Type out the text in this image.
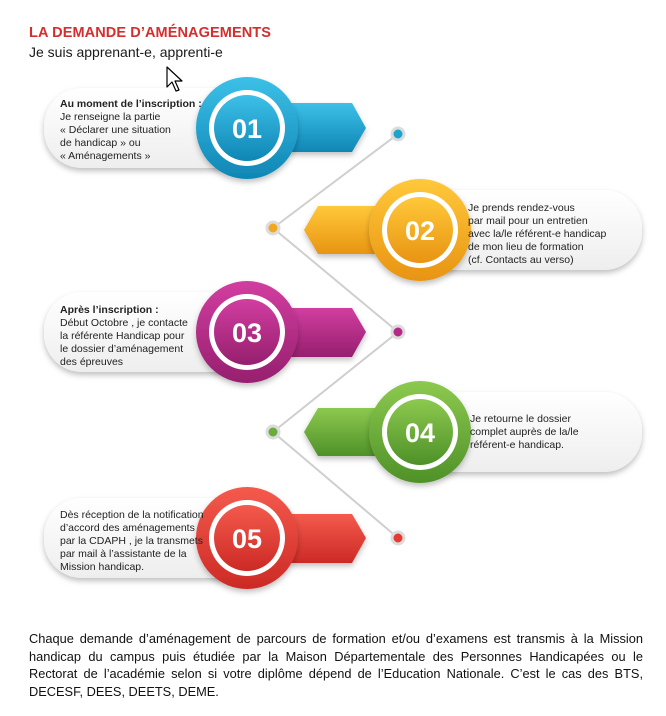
LA DEMANDE D’AMÉNAGEMENTS
Je suis apprenant-e, apprenti-e
01
02
03
04
05
Au moment de l’inscription :
Je renseigne la partie
« Déclarer une situation
de handicap » ou
« Aménagements »
Je prends rendez-vous
par mail pour un entretien
avec la/le référent-e handicap
de mon lieu de formation
(cf. Contacts au verso)
Après l’inscription :
Début Octobre , je contacte
la référente Handicap pour
le dossier d’aménagement
des épreuves
Je retourne le dossier
complet auprès de la/le
référent-e handicap.
Dès réception de la notification
d’accord des aménagements
par la CDAPH , je la transmets
par mail à l’assistante de la
Mission handicap.
Chaque demande d’aménagement de parcours de formation et/ou d’examens est transmis à la Mission handicap du campus puis étudiée par la Maison Départementale des Personnes Handicapées ou le Rectorat de l’académie selon si votre diplôme dépend de l’Education Nationale. C’est le cas des BTS, DECESF, DEES, DEETS, DEME.
